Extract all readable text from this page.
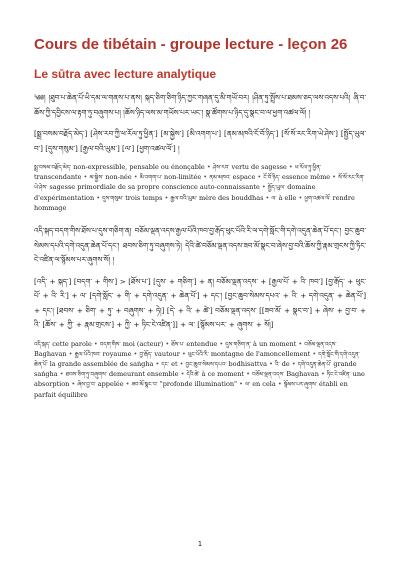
Cours de tibétain - groupe lecture - leçon 26
Le sūtra avec lecture analytique

༄༅། །ཐུབ་པ་ཆེན་པོ་ཡི་དམ་ལ་གནས་པ་ནས། སྐད་ཅིག་ཅིག་ཉིད་ཀྱང་གཞན་དུ་མི་གཡོ་བར། །ཤིན་ཏུ་སྤྲོས་པ་ཐམས་ཅད་ལས་འདས་པའི། ཞི་བ་ཆོས་ཀྱི་དབྱིངས་ལ་རྟག་ཏུ་བཞུགས་པ། །ཆོས་ཉིད་ལས་མ་གཡོས་པར་ཡང་། སྣ་ཚོགས་པ་ཉིད་དུ་སྣང་བ་ལ་ཕྱག་འཚལ་ལོ། །

[སྨྲ་བསམ་བརྗོད་མེད་] [ཤེས་རབ་ཀྱི་ཕ་རོལ་ཏུ་ཕྱིན་] [མ་སྐྱེས་] [མི་འགག་པ་] [ནམ་མཁའི་ངོ་བོ་ཉིད་] [སོ་སོ་རང་རིག་ཡེ་ཤེས་] [སྤྱོད་ཡུལ་བ་] [དུས་གསུམ་] [རྒྱལ་བའི་ཡུམ་] [ལ་] [ཕྱག་འཚལ་ལོ་] །

སྨྲ་བསམ་བརྗོད་མེད་ non-expressible, pensable ou énonçable • ཤེས་རབ་ vertu de sagesse • ཕ་རོལ་ཏུ་ཕྱིན་ transcendante • མ་སྐྱེས་ non-née • མི་འགག་པ་ non-limitée • ནམ་མཁའ་ espace • ངོ་བོ་ཉིད་ essence même • སོ་སོ་རང་རིག་ཡེ་ཤེས་ sagesse primordiale de sa propre conscience auto-connaissante • སྤྱོད་ཡུལ་ domaine d'expérimentation • དུས་གསུམ་ trois temps • རྒྱལ་བའི་ཡུམ་ mère des bouddhas • ལ་ à elle • ཕྱག་འཚལ་ལོ་ rendre hommage

འདི་སྐད་བདག་གིས་ཐོས་པ་དུས་གཅིག་ན། བཅོམ་ལྡན་འདས་རྒྱལ་པོའི་ཁབ་བྱ་རྒོད་ཕུང་པོའི་རི་ལ་དགེ་སློང་གི་དགེ་འདུན་ཆེན་པོ་དང་། བྱང་ཆུབ་སེམས་དཔའི་དགེ་འདུན་ཆེན་པོ་དང་། ཐབས་ཅིག་ཏུ་བཞུགས་ཏེ། དེའི་ཚེ་བཅོམ་ལྡན་འདས་ཟབ་མོ་སྣང་བ་ཞེས་བྱ་བའི་ཆོས་ཀྱི་རྣམ་གྲངས་ཀྱི་ཏིང་ངེ་འཛིན་ལ་སྙོམས་པར་ཞུགས་སོ། །

[འདི་ + སྐད་] [བདག་ + གིས་] > [ཐོས་པ་] [དུས་ + གཅིག་] + ན། བཅོམ་ལྡན་འདས་ + [རྒྱལ་པོ་ + འི་ ཁབ་] [བྱ་རྒོད་ + ཕུང་པོ་ + འི་ རི་] + ལ་ [དགེ་སློང་ + གི་ + དགེ་འདུན་ + ཆེན་པོ་] + དང་། [བྱང་ཆུབ་སེམས་དཔའ་ + འི་ + དགེ་འདུན་ + ཆེན་པོ་] + དང་། [ཐབས་ + ཅིག་ + ཏུ་ + བཞུགས་ + ཏེ།] [དེ་ + འི་ + ཚེ་] བཅོམ་ལྡན་འདས་ [[ཟབ་མོ་ + སྣང་བ་] + ཞེས་ + བྱ་བ་ + འི་ [ཆོས་ + ཀྱི་ + རྣམ་གྲངས་] + ཀྱི་ + ཏིང་ངེ་འཛིན་]] + ལ་ [སྙོམས་པར་ + ཞུགས་ + སོ།]

འདི་སྐད་ cette parole • བདག་གིས་ moi (acteur) • ཐོས་པ་ entendue • དུས་གཅིག་ན་ à un moment • བཅོམ་ལྡན་འདས་ Baghavan • རྒྱལ་པོའི་ཁབ་ royaume • བྱ་རྒོད་ vautour • ཕུང་པོའི་རི་ montagne de l'amoncellement • དགེ་སློང་གི་དགེ་འདུན་ཆེན་པོ་ la grande assemblée de saṅgha • དང་ et • བྱང་ཆུབ་སེམས་དཔའ་ bodhisattva • འི་ de • དགེ་འདུན་ཆེན་པོ་ grande saṅgha • ཐབས་ཅིག་ཏུ་བཞུགས་ demeurant ensemble • དེའི་ཚེ་ à ce moment • བཅོམ་ལྡན་འདས་ Baghavan • ཏིང་ངེ་འཛིན་ une absorption • ཞེས་བྱ་བ་ appelée • ཟབ་མོ་སྣང་བ་ "profonde illumination" • ལ་ en cela • སྙོམས་པར་ཞུགས་ établi en parfait équilibre

1
